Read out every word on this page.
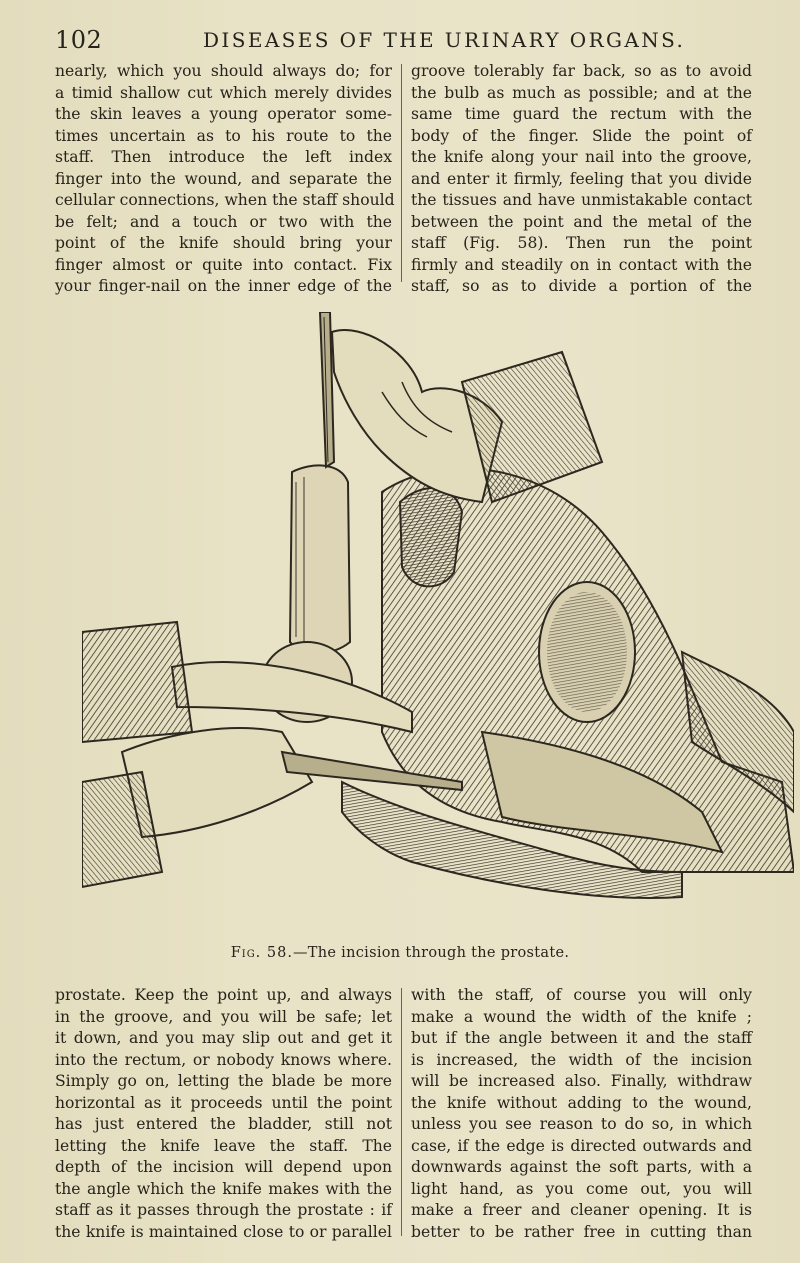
102	DISEASES OF THE URINARY ORGANS.

nearly, which you should always do; for
a timid shallow cut which merely divides
the skin leaves a young operator some-
times uncertain as to his route to the
staff. Then introduce the left index
finger into the wound, and separate the
cellular connections, when the staff should
be felt; and a touch or two with the
point of the knife should bring your
finger almost or quite into contact. Fix
your finger-nail on the inner edge of the

groove tolerably far back, so as to avoid
the bulb as much as possible; and at the
same time guard the rectum with the
body of the finger. Slide the point of
the knife along your nail into the groove,
and enter it firmly, feeling that you divide
the tissues and have unmistakable contact
between the point and the metal of the
staff (Fig. 58). Then run the point
firmly and steadily on in contact with the
staff, so as to divide a portion of the

Fig. 58.—The incision through the prostate.

prostate. Keep the point up, and always
in the groove, and you will be safe; let
it down, and you may slip out and get it
into the rectum, or nobody knows where.
Simply go on, letting the blade be more
horizontal as it proceeds until the point
has just entered the bladder, still not
letting the knife leave the staff. The
depth of the incision will depend upon
the angle which the knife makes with the
staff as it passes through the prostate : if
the knife is maintained close to or parallel

with the staff, of course you will only
make a wound the width of the knife ;
but if the angle between it and the staff
is increased, the width of the incision
will be increased also. Finally, withdraw
the knife without adding to the wound,
unless you see reason to do so, in which
case, if the edge is directed outwards and
downwards against the soft parts, with a
light hand, as you come out, you will
make a freer and cleaner opening. It is
better to be rather free in cutting than
